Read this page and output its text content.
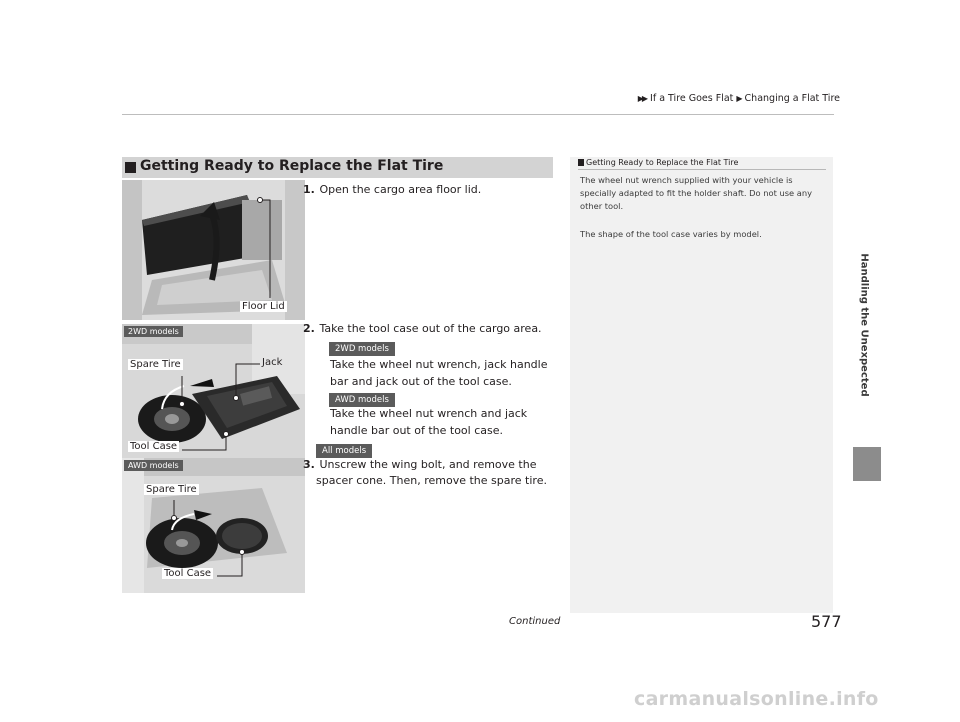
▶▶ If a Tire Goes Flat ▶ Changing a Flat Tire
Getting Ready to Replace the Flat Tire
Floor Lid
2WD models
Spare Tire	Jack
Tool Case
AWD models
Spare Tire
Tool Case
1. Open the cargo area floor lid.
2. Take the tool case out of the cargo area.
2WD models
Take the wheel nut wrench, jack handle bar and jack out of the tool case.
AWD models
Take the wheel nut wrench and jack handle bar out of the tool case.
All models
3. Unscrew the wing bolt, and remove the spacer cone. Then, remove the spare tire.
Getting Ready to Replace the Flat Tire
The wheel nut wrench supplied with your vehicle is specially adapted to fit the holder shaft. Do not use any other tool.
The shape of the tool case varies by model.
Handling the Unexpected
Continued	577
carmanualsonline.info
